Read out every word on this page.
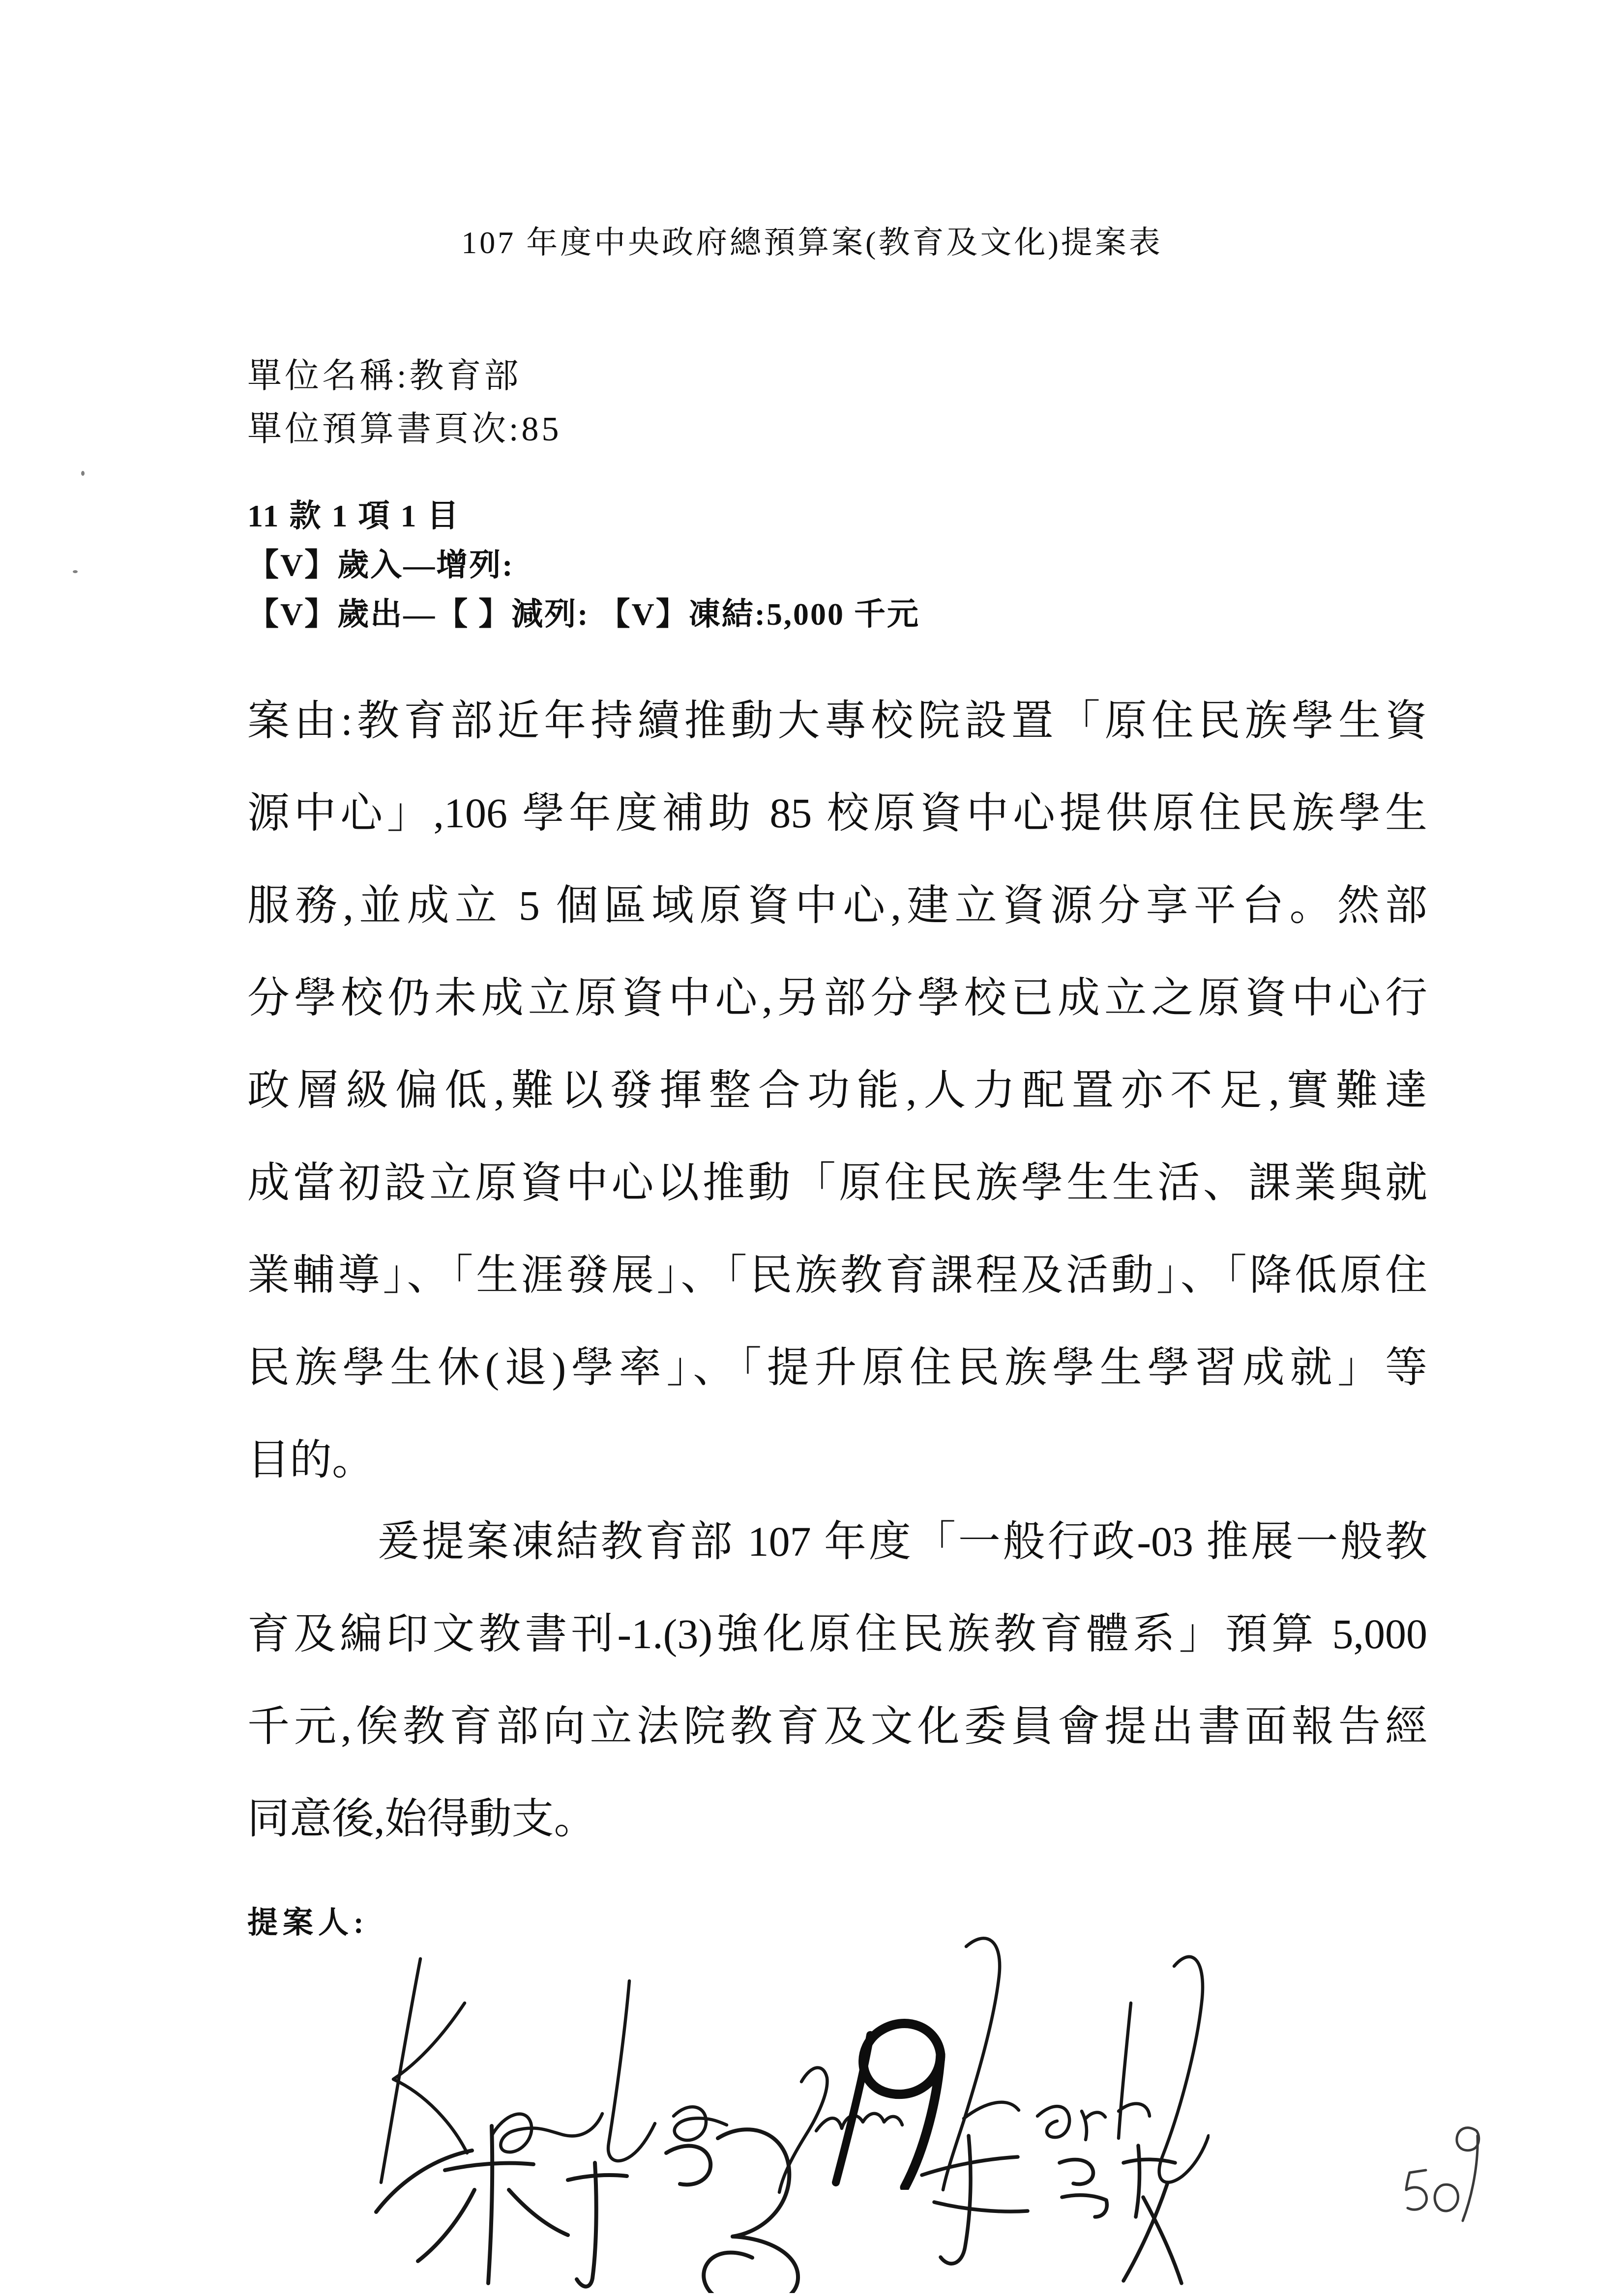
107 年度中央政府總預算案(教育及文化)提案表
單位名稱:教育部
單位預算書頁次:85
11 款 1 項 1 目
【V】歲入—增列:
【V】歲出—【 】減列: 【V】凍結:5,000 千元
案由:教育部近年持續推動大專校院設置「原住民族學生資
源中心」,106 學年度補助 85 校原資中心提供原住民族學生
服務,並成立 5 個區域原資中心,建立資源分享平台。然部
分學校仍未成立原資中心,另部分學校已成立之原資中心行
政層級偏低,難以發揮整合功能,人力配置亦不足,實難達
成當初設立原資中心以推動「原住民族學生生活、課業與就
業輔導」、「生涯發展」、「民族教育課程及活動」、「降低原住
民族學生休(退)學率」、「提升原住民族學生學習成就」等
目的。
爰提案凍結教育部 107 年度「一般行政-03 推展一般教
育及編印文教書刊-1.(3)強化原住民族教育體系」預算 5,000
千元,俟教育部向立法院教育及文化委員會提出書面報告經
同意後,始得動支。
提案人:
